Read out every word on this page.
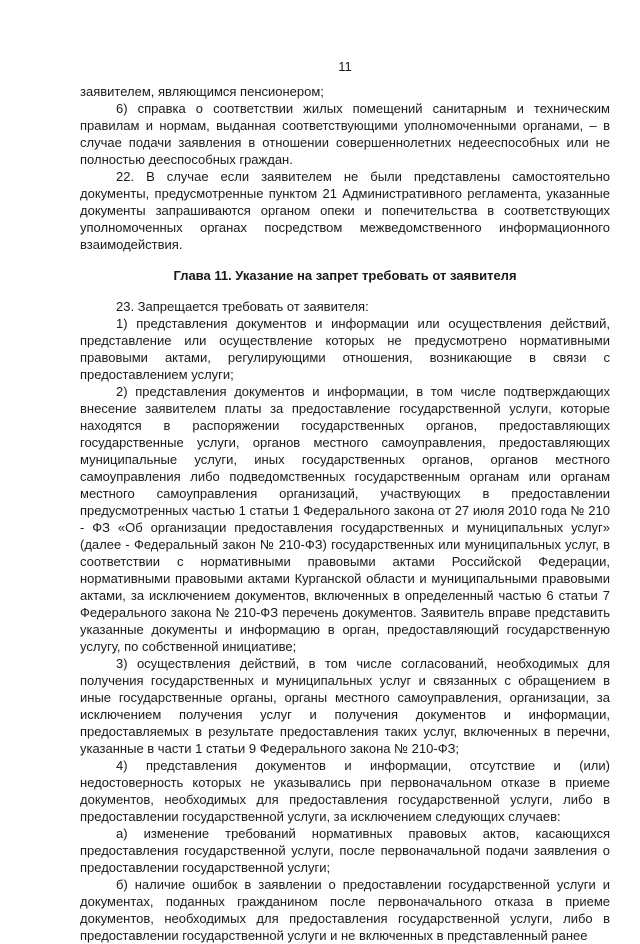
11

заявителем, являющимся пенсионером;

6) справка о соответствии жилых помещений санитарным и техническим правилам и нормам, выданная соответствующими уполномоченными органами, – в случае подачи заявления в отношении совершеннолетних недееспособных или не полностью дееспособных граждан.

22. В случае если заявителем не были представлены самостоятельно документы, предусмотренные пунктом 21 Административного регламента, указанные документы запрашиваются органом опеки и попечительства в соответствующих уполномоченных органах посредством межведомственного информационного взаимодействия.

Глава 11. Указание на запрет требовать от заявителя

23. Запрещается требовать от заявителя:

1) представления документов и информации или осуществления действий, представление или осуществление которых не предусмотрено нормативными правовыми актами, регулирующими отношения, возникающие в связи с предоставлением услуги;

2) представления документов и информации, в том числе подтверждающих внесение заявителем платы за предоставление государственной услуги, которые находятся в распоряжении государственных органов, предоставляющих государственные услуги, органов местного самоуправления, предоставляющих муниципальные услуги, иных государственных органов, органов местного самоуправления либо подведомственных государственным органам или органам местного самоуправления организаций, участвующих в предоставлении предусмотренных частью 1 статьи 1 Федерального закона от 27 июля 2010 года № 210 - ФЗ «Об организации предоставления государственных и муниципальных услуг» (далее - Федеральный закон № 210-ФЗ) государственных или муниципальных услуг, в соответствии с нормативными правовыми актами Российской Федерации, нормативными правовыми актами Курганской области и муниципальными правовыми актами, за исключением документов, включенных в определенный частью 6 статьи 7 Федерального закона № 210-ФЗ перечень документов. Заявитель вправе представить указанные документы и информацию в орган, предоставляющий государственную услугу, по собственной инициативе;

3) осуществления действий, в том числе согласований, необходимых для получения государственных и муниципальных услуг и связанных с обращением в иные государственные органы, органы местного самоуправления, организации, за исключением получения услуг и получения документов и информации, предоставляемых в результате предоставления таких услуг, включенных в перечни, указанные в части 1 статьи 9 Федерального закона № 210-ФЗ;

4) представления документов и информации, отсутствие и (или) недостоверность которых не указывались при первоначальном отказе в приеме документов, необходимых для предоставления государственной услуги, либо в предоставлении государственной услуги, за исключением следующих случаев:

а) изменение требований нормативных правовых актов, касающихся предоставления государственной услуги, после первоначальной подачи заявления о предоставлении государственной услуги;

б) наличие ошибок в заявлении о предоставлении государственной услуги и документах, поданных гражданином после первоначального отказа в приеме документов, необходимых для предоставления государственной услуги, либо в предоставлении государственной услуги и не включенных в представленный ранее
